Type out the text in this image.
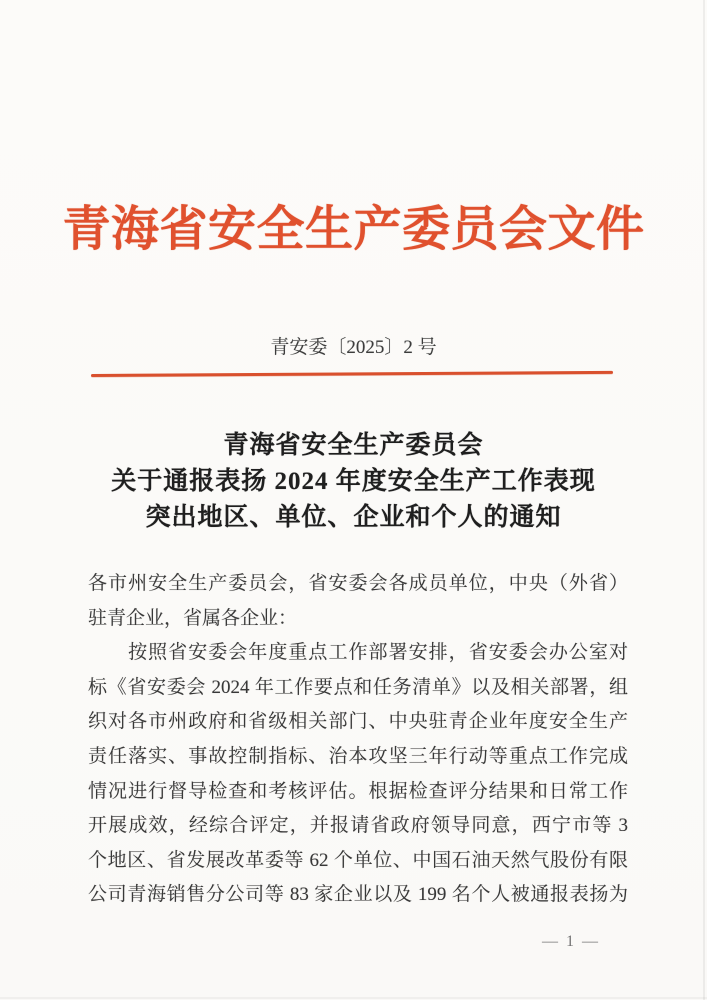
青海省安全生产委员会文件
青安委〔2025〕2 号
青海省安全生产委员会
关于通报表扬 2024 年度安全生产工作表现
突出地区、单位、企业和个人的通知
各市州安全生产委员会，省安委会各成员单位，中央（外省）
驻青企业，省属各企业：
　　按照省安委会年度重点工作部署安排，省安委会办公室对
标《省安委会 2024 年工作要点和任务清单》以及相关部署，组
织对各市州政府和省级相关部门、中央驻青企业年度安全生产
责任落实、事故控制指标、治本攻坚三年行动等重点工作完成
情况进行督导检查和考核评估。根据检查评分结果和日常工作
开展成效，经综合评定，并报请省政府领导同意，西宁市等 3
个地区、省发展改革委等 62 个单位、中国石油天然气股份有限
公司青海销售分公司等 83 家企业以及 199 名个人被通报表扬为
— 1 —
